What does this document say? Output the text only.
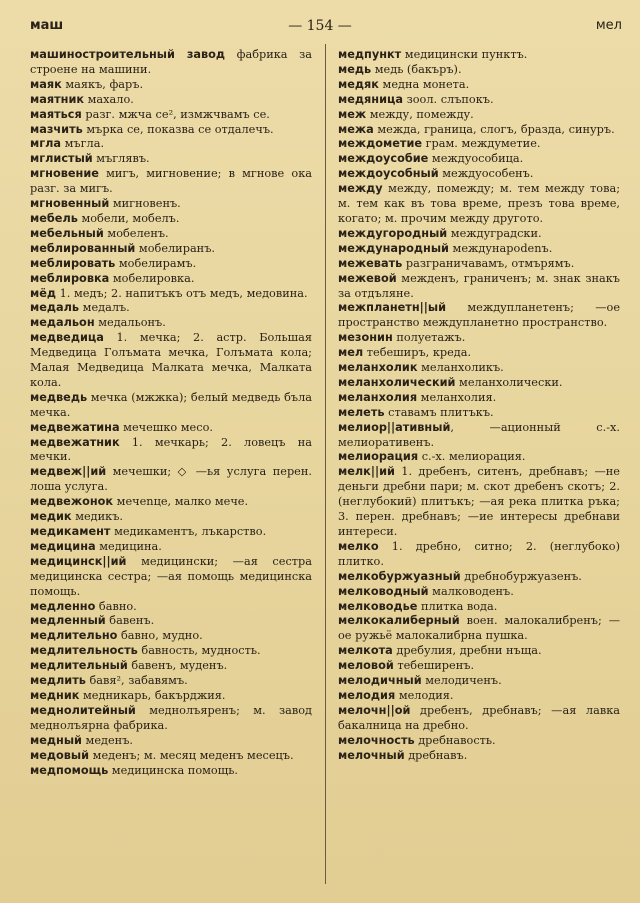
маш	— 154 —	мел
машиностроительный завод фабрика за строене на машини.
маяк маякъ, фаръ.
маятник махало.
маяться разг. мжча се², измжчвамъ се.
мазчить мърка се, показва се отдалечъ.
мгла мъгла.
мглистый мъглявъ.
мгновение мигъ, мигновение; в мгнове ока разг. за мигъ.
мгновенный мигновенъ.
мебель мобели, мобелъ.
мебельный мобеленъ.
меблированный мобелиранъ.
меблировать мобелирамъ.
меблировка мобелировка.
мёд 1. медъ; 2. напитъкъ отъ медъ, медовина.
медаль медалъ.
медальон медальонъ.
медведица 1. мечка; 2. астр. Большая Медведица Голъмата мечка, Голъмата кола; Малая Медведица Малката мечка, Малката кола.
медведь мечка (мжжка); белый медведь бъла мечка.
медвежатина мечешко месо.
медвежатник 1. мечкарь; 2. ловецъ на мечки.
медвеж||ий мечешки; ◇ —ья услуга перен. лоша услуга.
медвежонок мечеnце, малко мече.
медик медикъ.
медикамент медикаментъ, лъкарство.
медицина медицина.
медицинск||ий медицински; —ая сестра медицинска сестра; —ая помощь медицинска помощь.
медленно бавно.
медленный бавенъ.
медлительно бавно, мудно.
медлительность бавность, мудность.
медлительный бавенъ, муденъ.
медлить бавя², забавямъ.
медник медникарь, бакърджия.
меднолитейный меднолъяренъ; м. завод меднолъярна фабрика.
медный меденъ.
медовый меденъ; м. месяц меденъ месецъ.
медпомощь медицинска помощь.
медпункт медицински пунктъ.
медь медь (бакъръ).
медяк медна монета.
медяница зоол. слъпокъ.
меж между, помежду.
межа межда, граница, слогъ, бразда, синуръ.
междометие грам. междуметие.
междоусобие междуособица.
междоусобный междуособенъ.
между между, помежду; м. тем между това; м. тем как въ това време, презъ това време, когато; м. прочим между другото.
междугородный междуградски.
международный междунароdenъ.
межевать разграничавамъ, отмърямъ.
межевой межденъ, граниченъ; м. знак знакъ за отдъляне.
межпланетн||ый междупланетенъ; —ое пространство междупланетно пространство.
мезонин полуетажъ.
мел тебеширъ, креда.
меланхолик меланхоликъ.
меланхолический меланхолически.
меланхолия меланхолия.
мелеть ставамъ плитъкъ.
мелиор||ативный, —ационный с.-х. мелиоративенъ.
мелиорация с.-х. мелиорация.
мелк||ий 1. дребенъ, ситенъ, дребнавъ; —не деньги дребни пари; м. скот дребенъ скотъ; 2. (неглубокий) плитъкъ; —ая река плитка ръка; 3. перен. дребнавъ; —ие интересы дребнави интереси.
мелко 1. дребно, ситно; 2. (неглубоко) плитко.
мелкобуржуазный дребнобуржуазенъ.
мелководный малководенъ.
мелководье плитка вода.
мелкокалиберный воен. малокалибренъ; —ое ружьё малокалибрна пушка.
мелкота дребулия, дребни нъща.
меловой тебеширенъ.
мелодичный мелодиченъ.
мелодия мелодия.
мелочн||ой дребенъ, дребнавъ; —ая лавка бакалница на дребно.
мелочность дребнавость.
мелочный дребнавъ.
